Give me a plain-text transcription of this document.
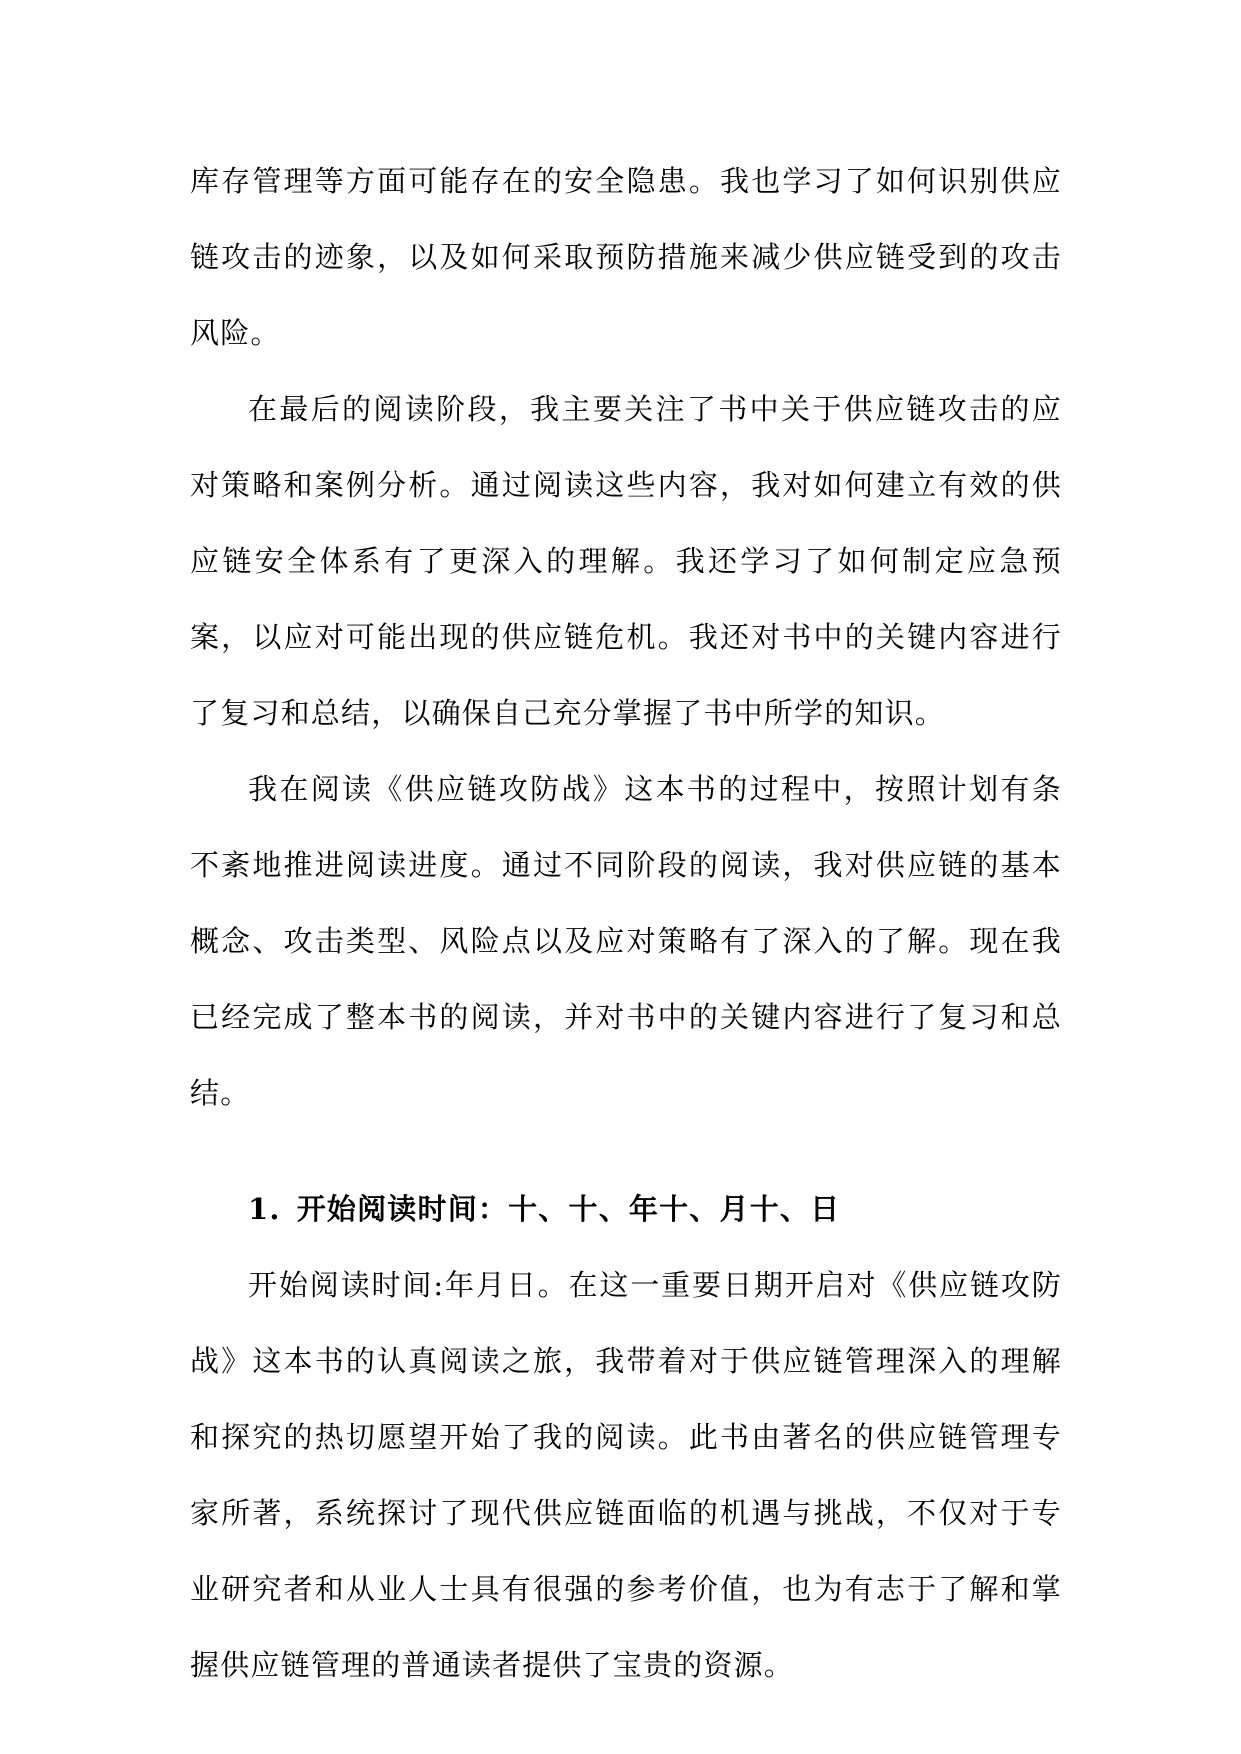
库存管理等方面可能存在的安全隐患。我也学习了如何识别供应链攻击的迹象，以及如何采取预防措施来减少供应链受到的攻击风险。

在最后的阅读阶段，我主要关注了书中关于供应链攻击的应对策略和案例分析。通过阅读这些内容，我对如何建立有效的供应链安全体系有了更深入的理解。我还学习了如何制定应急预案，以应对可能出现的供应链危机。我还对书中的关键内容进行了复习和总结，以确保自己充分掌握了书中所学的知识。

我在阅读《供应链攻防战》这本书的过程中，按照计划有条不紊地推进阅读进度。通过不同阶段的阅读，我对供应链的基本概念、攻击类型、风险点以及应对策略有了深入的了解。现在我已经完成了整本书的阅读，并对书中的关键内容进行了复习和总结。

1. 开始阅读时间：十、十、年十、月十、日

开始阅读时间:年月日。在这一重要日期开启对《供应链攻防战》这本书的认真阅读之旅，我带着对于供应链管理深入的理解和探究的热切愿望开始了我的阅读。此书由著名的供应链管理专家所著，系统探讨了现代供应链面临的机遇与挑战，不仅对于专业研究者和从业人士具有很强的参考价值，也为有志于了解和掌握供应链管理的普通读者提供了宝贵的资源。
